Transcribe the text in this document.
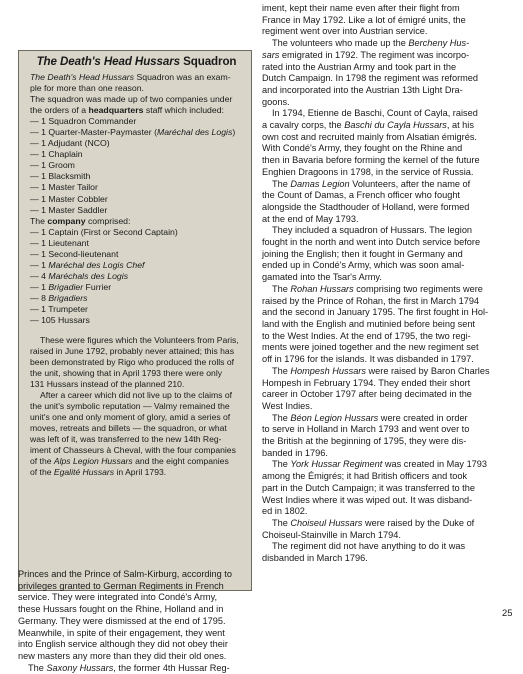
The Death's Head Hussars Squadron

The Death's Head Hussars Squadron was an exam-

ple for more than one reason.

The squadron was made up of two companies under

the orders of a headquarters staff which included:

— 1 Squadron Commander
— 1 Quarter-Master-Paymaster (Maréchal des Logis)
— 1 Adjudant (NCO)
— 1 Chaplain
— 1 Groom
— 1 Blacksmith
— 1 Master Tailor
— 1 Master Cobbler
— 1 Master Saddler

The company comprised:

— 1 Captain (First or Second Captain)
— 1 Lieutenant
— 1 Second-lieutenant
— 1 Maréchal des Logis Chef
— 4 Maréchals des Logis
— 1 Brigadier Furrier
— 8 Brigadiers
— 1 Trumpeter
— 105 Hussars

These were figures which the Volunteers from Paris,

raised in June 1792, probably never attained; this has

been demonstrated by Rigo who produced the rolls of

the unit, showing that in April 1793 there were only

131 Hussars instead of the planned 210.

After a career which did not live up to the claims of

the unit's symbolic reputation — Valmy remained the

unit's one and only moment of glory, amid a series of

moves, retreats and billets — the squadron, or what

was left of it, was transferred to the new 14th Reg-

iment of Chasseurs à Cheval, with the four companies

of the Alps Legion Hussars and the eight companies

of the Egalité Hussars in April 1793.

Princes and the Prince of Salm-Kirburg, according to

privileges granted to German Regiments in French

service. They were integrated into Condé's Army,

these Hussars fought on the Rhine, Holland and in

Germany. They were dismissed at the end of 1795.

Meanwhile, in spite of their engagement, they went

into English service although they did not obey their

new masters any more than they did their old ones.

The Saxony Hussars, the former 4th Hussar Reg-

iment, kept their name even after their flight from

France in May 1792. Like a lot of émigré units, the

regiment went over into Austrian service.

The volunteers who made up the Bercheny Hus-

sars emigrated in 1792. The regiment was incorpo-

rated into the Austrian Army and took part in the

Dutch Campaign. In 1798 the regiment was reformed

and incorporated into the Austrian 13th Light Dra-

goons.

In 1794, Etienne de Baschi, Count of Cayla, raised

a cavalry corps, the Baschi du Cayla Hussars, at his

own cost and recruited mainly from Alsatian émigrés.

With Condé's Army, they fought on the Rhine and

then in Bavaria before forming the kernel of the future

Enghien Dragoons in 1798, in the service of Russia.

The Damas Legion Volunteers, after the name of

the Count of Damas, a French officer who fought

alongside the Stadthouder of Holland, were formed

at the end of May 1793.

They included a squadron of Hussars. The legion

fought in the north and went into Dutch service before

joining the English; then it fought in Germany and

ended up in Condé's Army, which was soon amal-

gamated into the Tsar's Army.

The Rohan Hussars comprising two regiments were

raised by the Prince of Rohan, the first in March 1794

and the second in January 1795. The first fought in Hol-

land with the English and mutinied before being sent

to the West Indies. At the end of 1795, the two regi-

ments were joined together and the new regiment set

off in 1796 for the islands. It was disbanded in 1797.

The Hompesh Hussars were raised by Baron Charles

Hompesh in February 1794. They ended their short

career in October 1797 after being decimated in the

West Indies.

The Béon Legion Hussars were created in order

to serve in Holland in March 1793 and went over to

the British at the beginning of 1795, they were dis-

banded in 1796.

The York Hussar Regiment was created in May 1793

among the Émigrés; it had British officers and took

part in the Dutch Campaign; it was transferred to the

West Indies where it was wiped out. It was disband-

ed in 1802.

The Choiseul Hussars were raised by the Duke of

Choiseul-Stainville in March 1794.

The regiment did not have anything to do it was

disbanded in March 1796.

25
